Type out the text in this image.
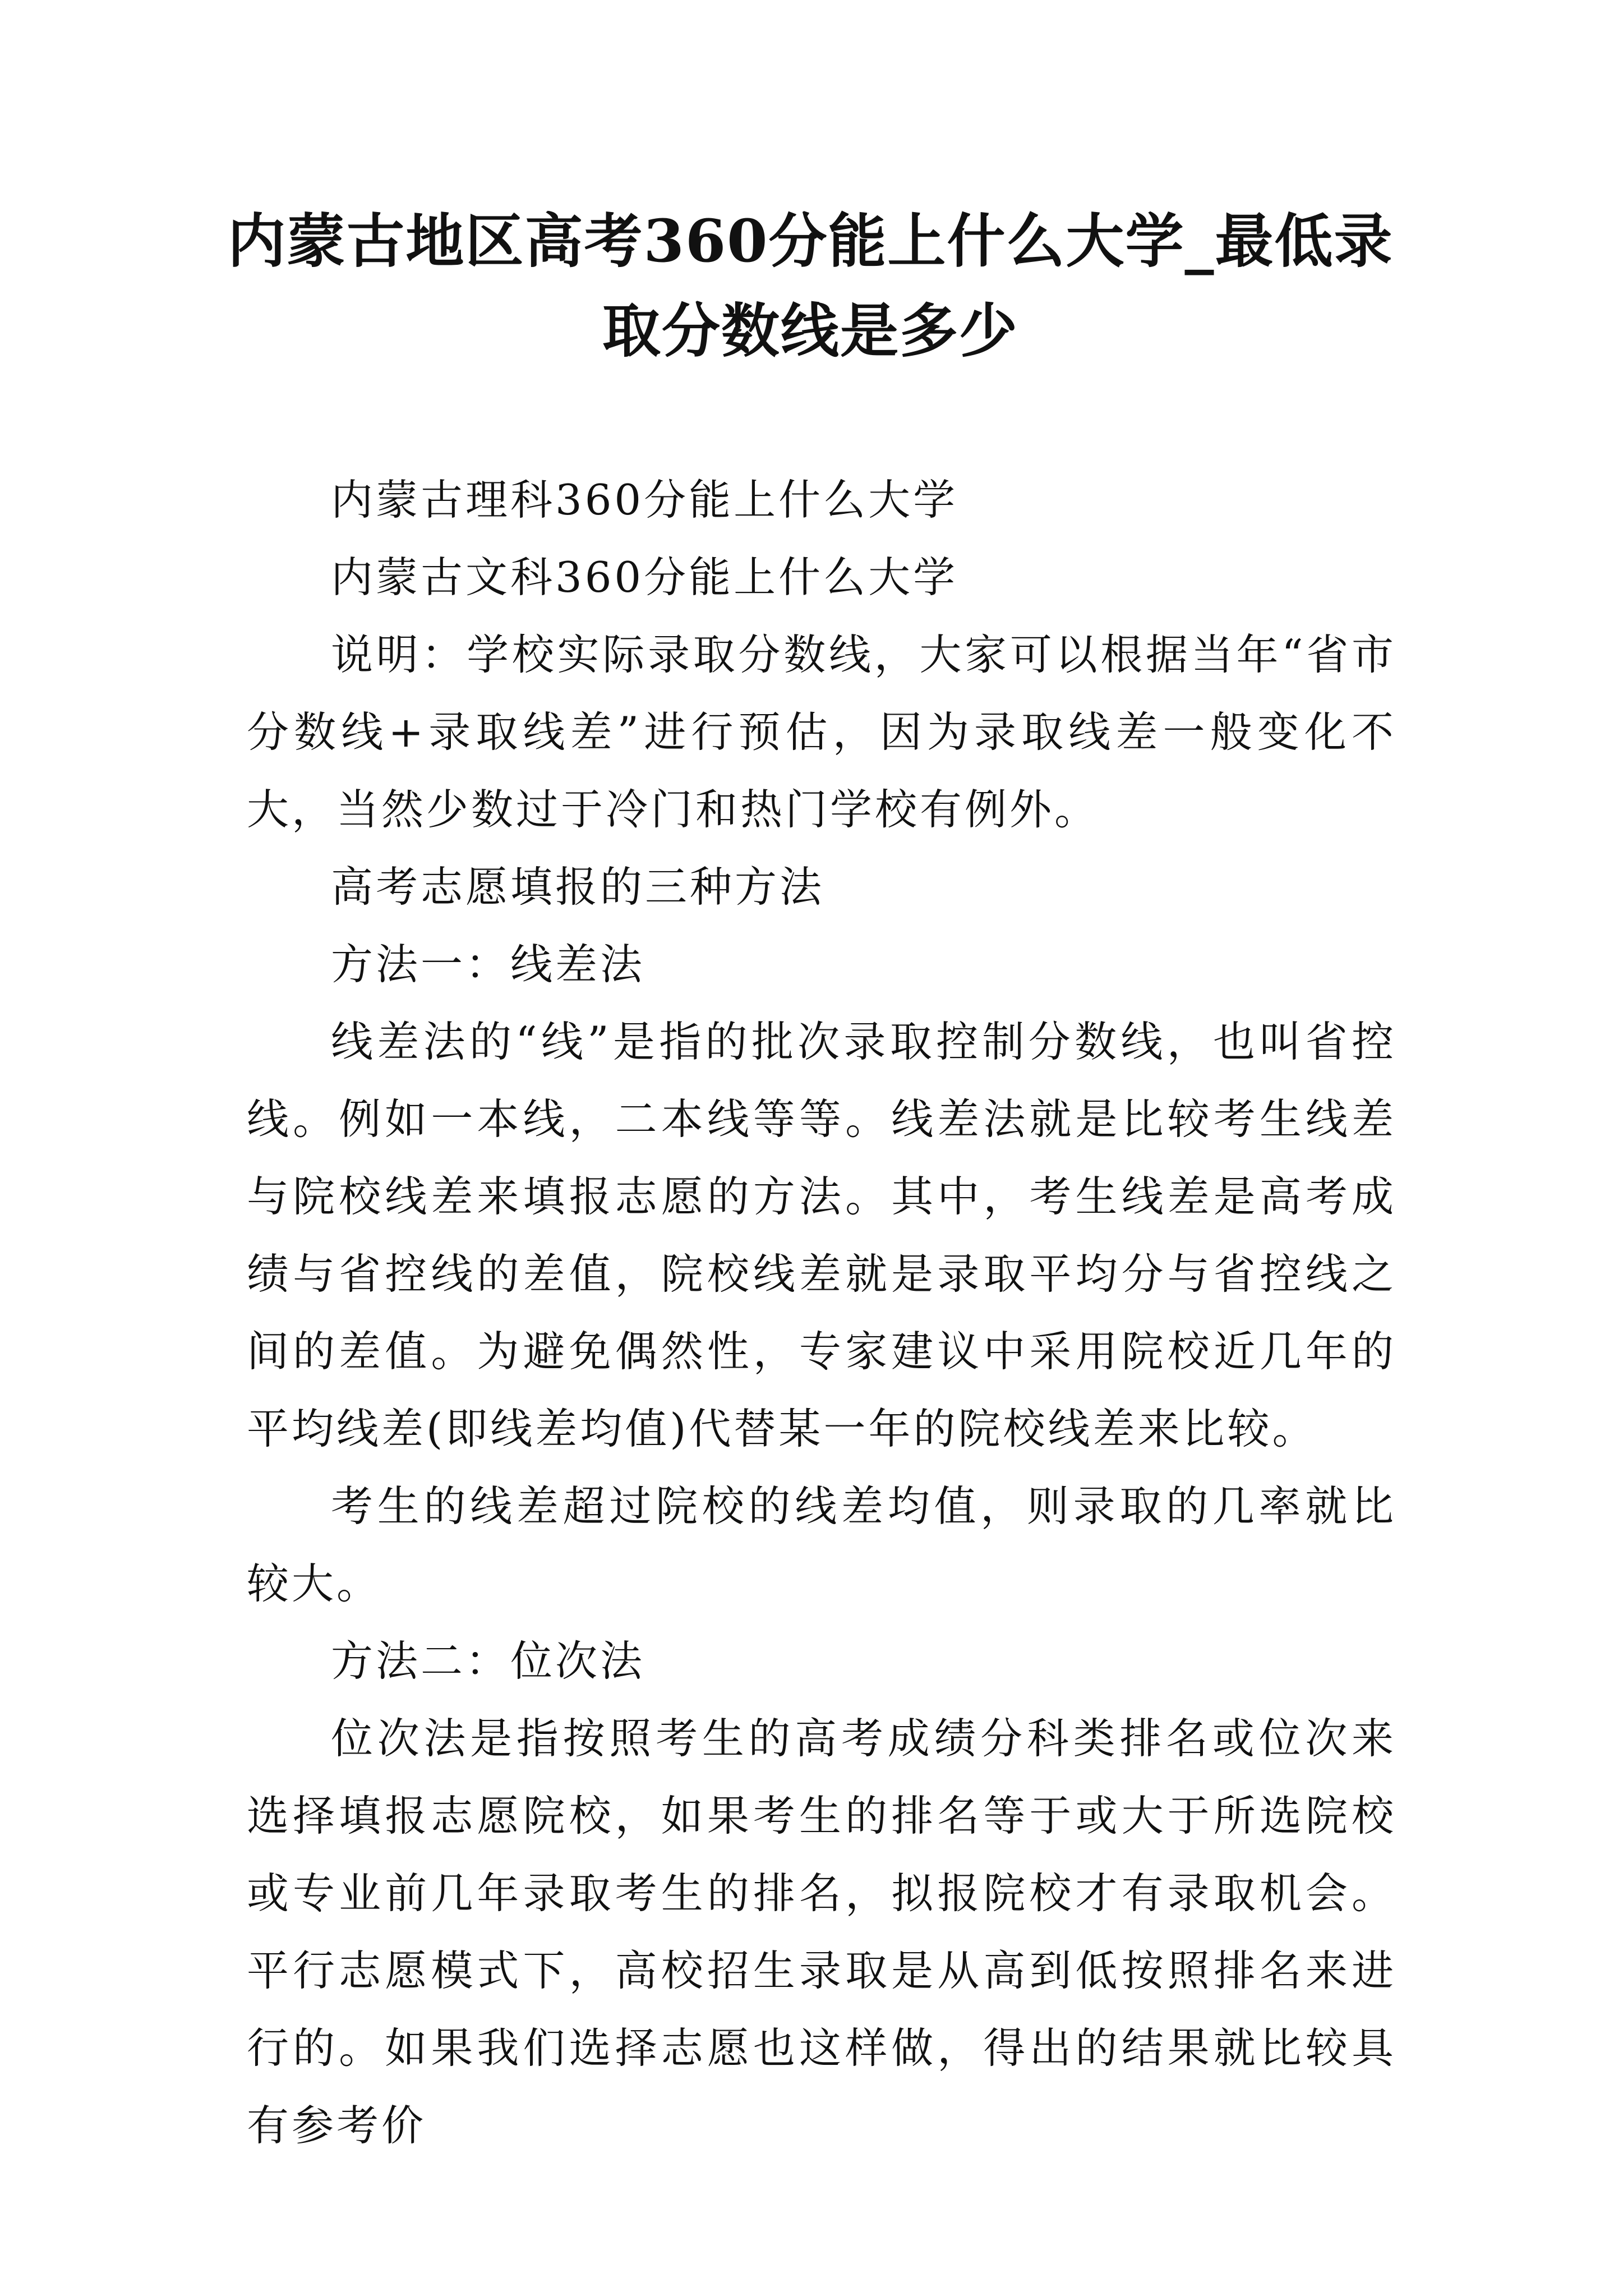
内蒙古地区高考360分能上什么大学_最低录取分数线是多少

内蒙古理科360分能上什么大学

内蒙古文科360分能上什么大学

说明：学校实际录取分数线，大家可以根据当年“省市分数线+录取线差”进行预估，因为录取线差一般变化不大，当然少数过于冷门和热门学校有例外。

高考志愿填报的三种方法

方法一：线差法

线差法的“线”是指的批次录取控制分数线，也叫省控线。例如一本线，二本线等等。线差法就是比较考生线差与院校线差来填报志愿的方法。其中，考生线差是高考成绩与省控线的差值，院校线差就是录取平均分与省控线之间的差值。为避免偶然性，专家建议中采用院校近几年的平均线差(即线差均值)代替某一年的院校线差来比较。

考生的线差超过院校的线差均值，则录取的几率就比较大。

方法二：位次法

位次法是指按照考生的高考成绩分科类排名或位次来选择填报志愿院校，如果考生的排名等于或大于所选院校或专业前几年录取考生的排名，拟报院校才有录取机会。平行志愿模式下，高校招生录取是从高到低按照排名来进行的。如果我们选择志愿也这样做，得出的结果就比较具有参考价
